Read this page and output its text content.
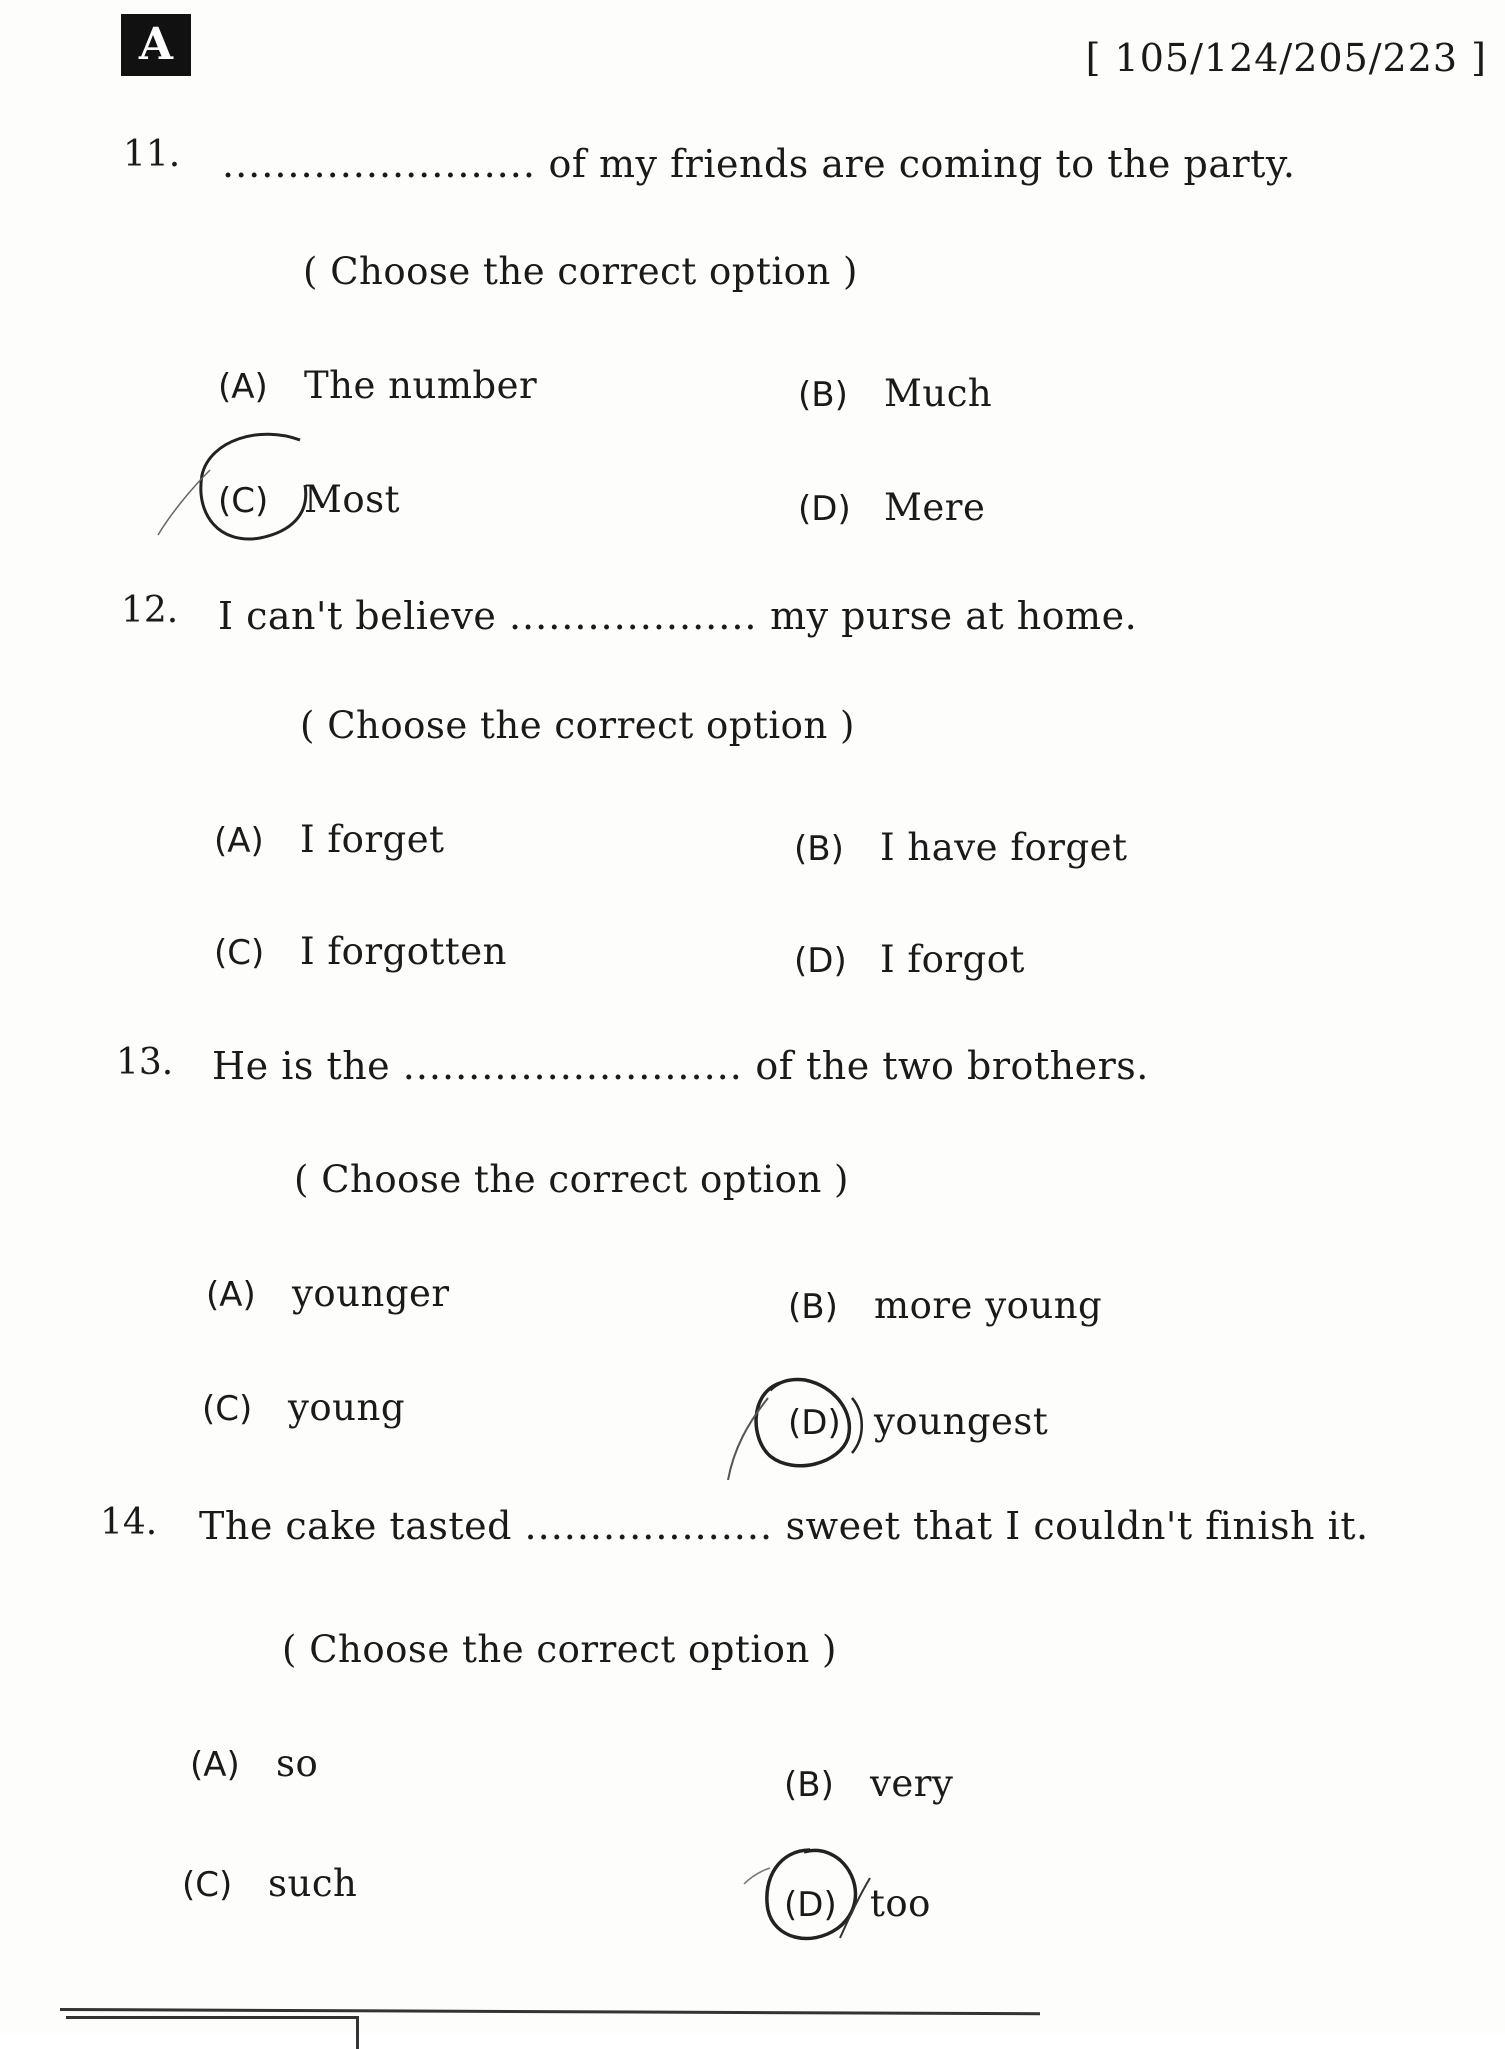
A	[ 105/124/205/223 ]
11. ........................ of my friends are coming to the party.
( Choose the correct option )
(A) The number	(B) Much
(C) Most	(D) Mere
12. I can't believe ................... my purse at home.
( Choose the correct option )
(A) I forget	(B) I have forget
(C) I forgotten	(D) I forgot
13. He is the .......................... of the two brothers.
( Choose the correct option )
(A) younger	(B) more young
(C) young	(D) youngest
14. The cake tasted ................... sweet that I couldn't finish it.
( Choose the correct option )
(A) so	(B) very
(C) such	(D) too
